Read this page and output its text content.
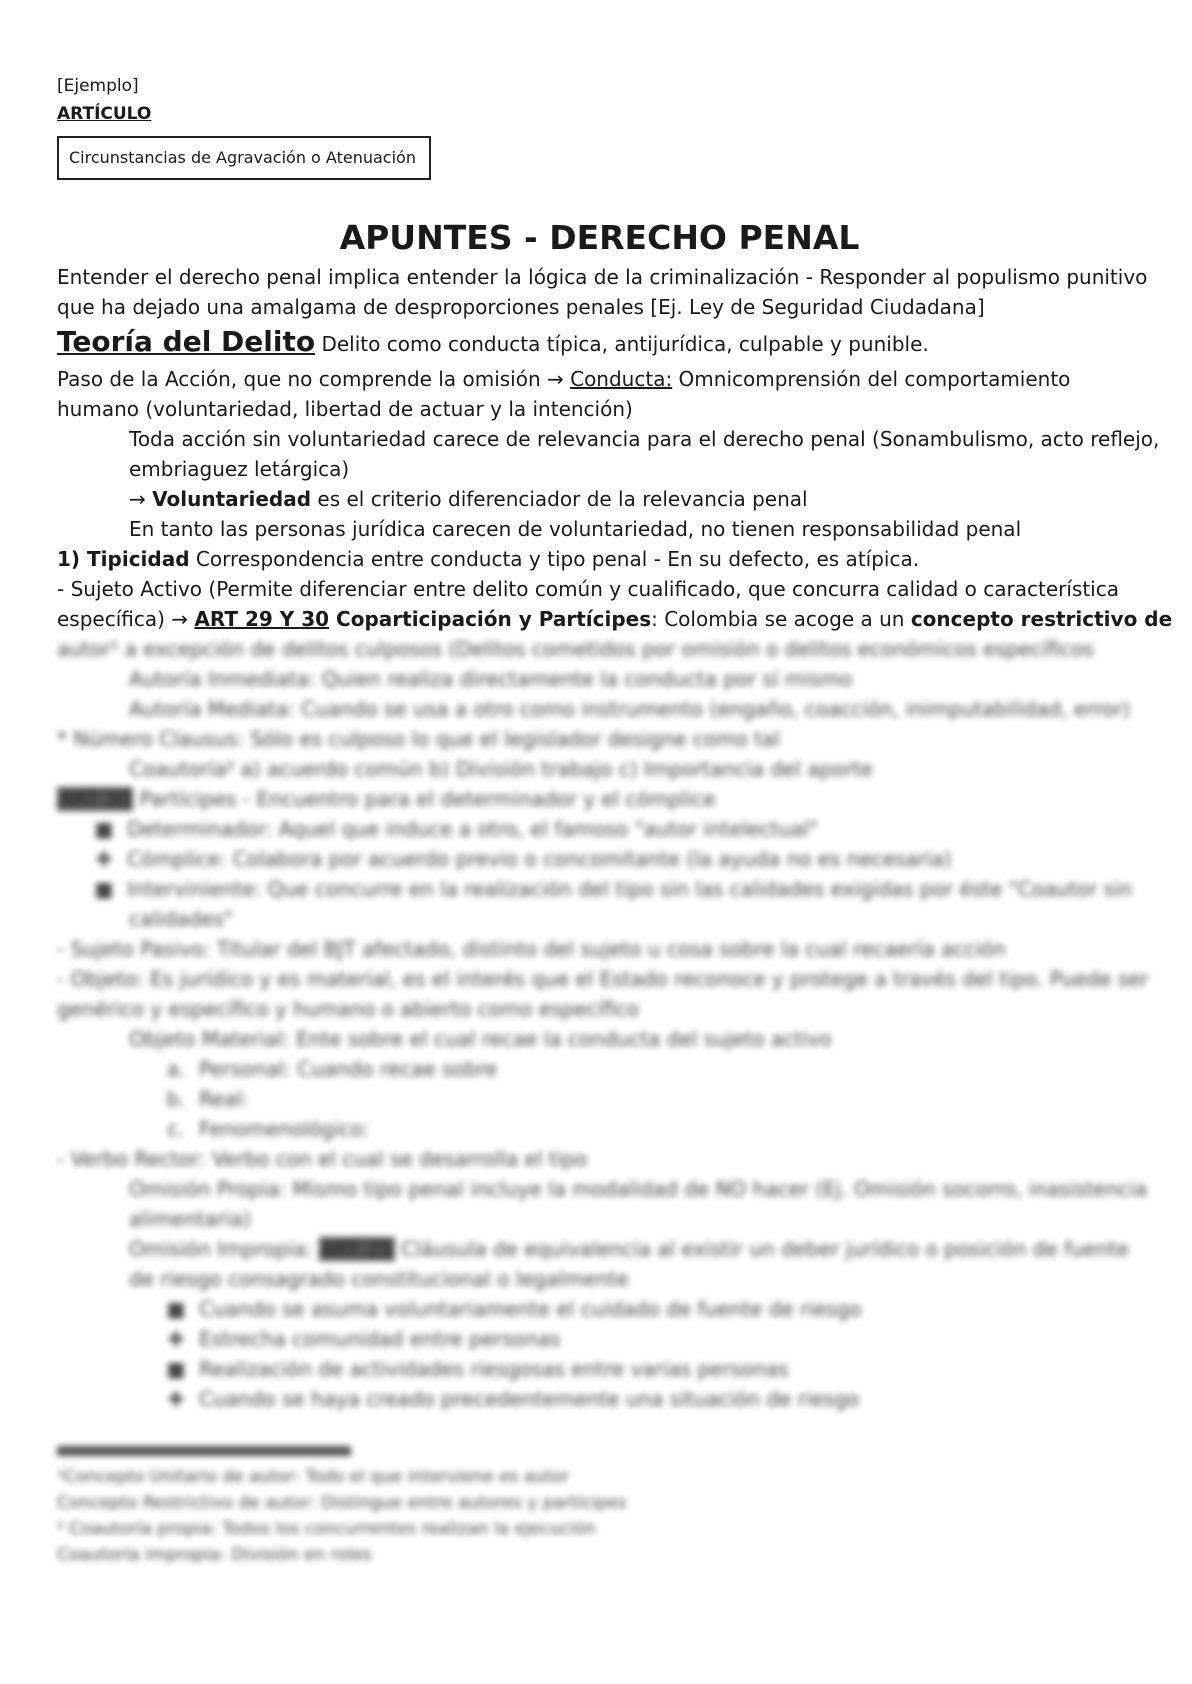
[Ejemplo]
ARTÍCULO
Circunstancias de Agravación o Atenuación
APUNTES - DERECHO PENAL
Entender el derecho penal implica entender la lógica de la criminalización - Responder al populismo punitivo
que ha dejado una amalgama de desproporciones penales [Ej. Ley de Seguridad Ciudadana]
Teoría del Delito Delito como conducta típica, antijurídica, culpable y punible.
Paso de la Acción, que no comprende la omisión → Conducta: Omnicomprensión del comportamiento
humano (voluntariedad, libertad de actuar y la intención)
Toda acción sin voluntariedad carece de relevancia para el derecho penal (Sonambulismo, acto reflejo,
embriaguez letárgica)
→ Voluntariedad es el criterio diferenciador de la relevancia penal
En tanto las personas jurídica carecen de voluntariedad, no tienen responsabilidad penal
1) Tipicidad Correspondencia entre conducta y tipo penal - En su defecto, es atípica.
- Sujeto Activo (Permite diferenciar entre delito común y cualificado, que concurra calidad o característica
específica) → ART 29 Y 30 Coparticipación y Partícipes: Colombia se acoge a un concepto restrictivo de
autor¹ a excepción de delitos culposos (Delitos cometidos por omisión o delitos económicos específicos
Autoría Inmediata: Quien realiza directamente la conducta por sí mismo
Autoría Mediata: Cuando se usa a otro como instrumento (engaño, coacción, inimputabilidad, error)
* Número Clausus: Sólo es culposo lo que el legislador designe como tal
Coautoría² a) acuerdo común b) División trabajo c) Importancia del aporte
ART 30 Partícipes - Encuentro para el determinador y el cómplice
■ Determinador: Aquel que induce a otro, el famoso "autor intelectual"
✚ Cómplice: Colabora por acuerdo previo o concomitante (la ayuda no es necesaria)
■ Interviniente: Que concurre en la realización del tipo sin las calidades exigidas por éste "Coautor sin
calidades"
- Sujeto Pasivo: Titular del BJT afectado, distinto del sujeto u cosa sobre la cual recaería acción
- Objeto: Es jurídico y es material, es el interés que el Estado reconoce y protege a través del tipo. Puede ser
genérico y específico y humano o abierto como específico
Objeto Material: Ente sobre el cual recae la conducta del sujeto activo
a. Personal: Cuando recae sobre
b. Real:
c. Fenomenológico:
- Verbo Rector: Verbo con el cual se desarrolla el tipo
Omisión Propia: Mismo tipo penal incluye la modalidad de NO hacer (Ej. Omisión socorro, inasistencia
alimentaria)
Omisión Impropia: ART 25 Cláusula de equivalencia al existir un deber jurídico o posición de fuente
de riesgo consagrado constitucional o legalmente
■ Cuando se asuma voluntariamente el cuidado de fuente de riesgo
✚ Estrecha comunidad entre personas
■ Realización de actividades riesgosas entre varias personas
✚ Cuando se haya creado precedentemente una situación de riesgo
¹Concepto Unitario de autor: Todo el que interviene es autor
Concepto Restrictivo de autor: Distingue entre autores y partícipes
² Coautoría propia: Todos los concurrentes realizan la ejecución
Coautoría impropia: División en roles
